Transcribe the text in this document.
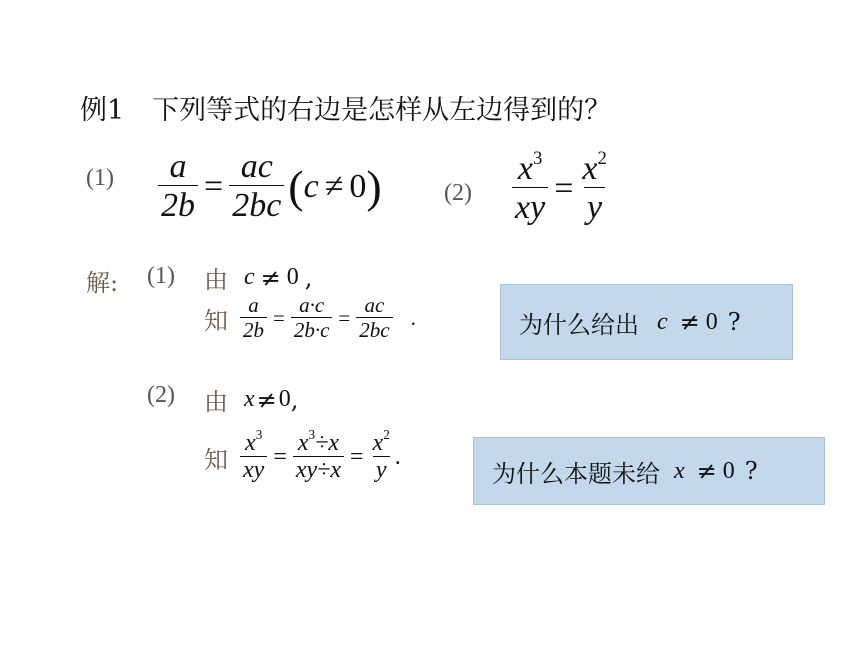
例1 下列等式的右边是怎样从左边得到的？
$(1) \frac{a}{2b} = \frac{ac}{2bc}$ ( c ≠ 0 )	$(2) \frac{x^3}{xy} = \frac{x^2}{y}$
解: (1) 由 c ≠ 0 ,
知 $\frac{a}{2b} = \frac{a\cdot c}{2b\cdot c} = \frac{ac}{2bc}$ .	为什么给出 c ≠ 0 ?
(2) 由 x ≠ 0 ,
知 $\frac{x^3}{xy} = \frac{x^3\div x}{xy\div x} = \frac{x^2}{y}$ .
为什么本题未给 x ≠ 0 ?
